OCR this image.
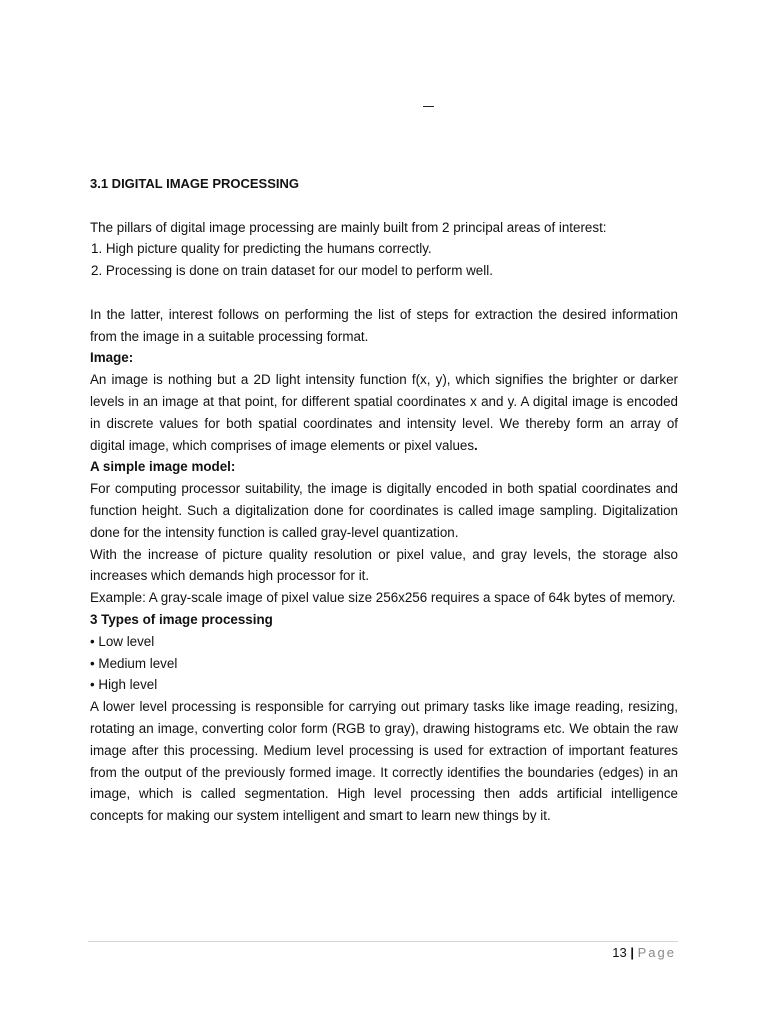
3.1 DIGITAL IMAGE PROCESSING

The pillars of digital image processing are mainly built from 2 principal areas of interest:

1. High picture quality for predicting the humans correctly.

2. Processing is done on train dataset for our model to perform well.

In the latter, interest follows on performing the list of steps for extraction the desired information from the image in a suitable processing format.

Image:

An image is nothing but a 2D light intensity function f(x, y), which signifies the brighter or darker levels in an image at that point, for different spatial coordinates x and y. A digital image is encoded in discrete values for both spatial coordinates and intensity level. We thereby form an array of digital image, which comprises of image elements or pixel values.

A simple image model:

For computing processor suitability, the image is digitally encoded in both spatial coordinates and function height. Such a digitalization done for coordinates is called image sampling. Digitalization done for the intensity function is called gray-level quantization.

With the increase of picture quality resolution or pixel value, and gray levels, the storage also increases which demands high processor for it.

Example: A gray-scale image of pixel value size 256x256 requires a space of 64k bytes of memory.

3 Types of image processing

• Low level

• Medium level

• High level

A lower level processing is responsible for carrying out primary tasks like image reading, resizing, rotating an image, converting color form (RGB to gray), drawing histograms etc. We obtain the raw image after this processing. Medium level processing is used for extraction of important features from the output of the previously formed image. It correctly identifies the boundaries (edges) in an image, which is called segmentation. High level processing then adds artificial intelligence concepts for making our system intelligent and smart to learn new things by it.

13 | Page
